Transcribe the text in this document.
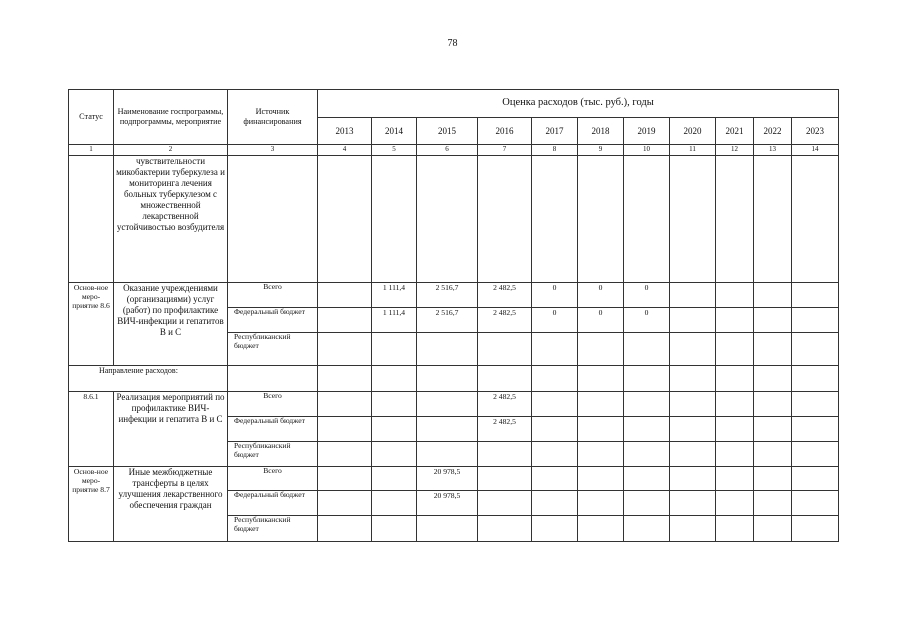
78
Статус	Наименование госпрограммы, подпрограммы, мероприятие	Источник финансирования	Оценка расходов (тыс. руб.), годы										
			2013	2014	2015	2016	2017	2018	2019	2020	2021	2022	2023
1	2	3	4	5	6	7	8	9	10	11	12	13	14
	чувствительности микобактерии туберкулеза и мониторинга лечения больных туберкулезом с множественной лекарственной устойчивостью возбудителя												
Основ-ное меро-приятие 8.6	Оказание учреждениями (организациями) услуг (работ) по профилактике ВИЧ-инфекции и гепатитов В и С	Всего		1 111,4	2 516,7	2 482,5	0	0	0				
		Федеральный бюджет		1 111,4	2 516,7	2 482,5	0	0	0				
		Республиканский бюджет											
Направление расходов:													
8.6.1	Реализация мероприятий по профилактике ВИЧ-инфекции и гепатита В и С	Всего				2 482,5							
		Федеральный бюджет				2 482,5							
		Республиканский бюджет											
Основ-ное меро-приятие 8.7	Иные межбюджетные трансферты в целях улучшения лекарственного обеспечения граждан	Всего			20 978,5								
		Федеральный бюджет			20 978,5								
		Республиканский бюджет											
